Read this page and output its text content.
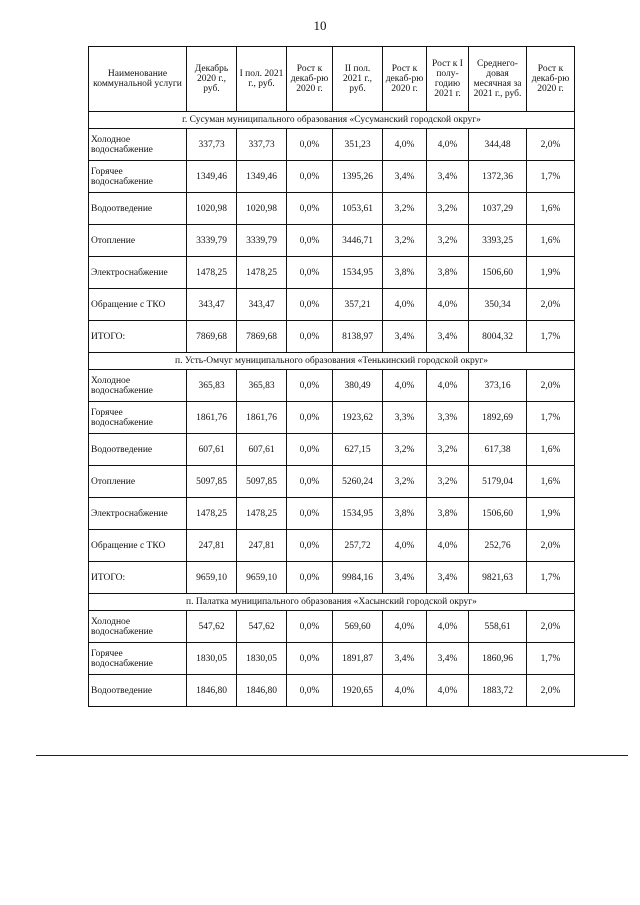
10
Наименование коммунальной услуги	Декабрь 2020 г., руб.	I пол. 2021 г., руб.	Рост к декаб-рю 2020 г.	II пол. 2021 г., руб.	Рост к декаб-рю 2020 г.	Рост к I полу-годию 2021 г.	Среднего-довая месячная за 2021 г., руб.	Рост к декаб-рю 2020 г.
г. Сусуман муниципального образования «Сусуманский городской округ»								
Холодное водоснабжение	337,73	337,73	0,0%	351,23	4,0%	4,0%	344,48	2,0%
Горячее водоснабжение	1349,46	1349,46	0,0%	1395,26	3,4%	3,4%	1372,36	1,7%
Водоотведение	1020,98	1020,98	0,0%	1053,61	3,2%	3,2%	1037,29	1,6%
Отопление	3339,79	3339,79	0,0%	3446,71	3,2%	3,2%	3393,25	1,6%
Электроснабжение	1478,25	1478,25	0,0%	1534,95	3,8%	3,8%	1506,60	1,9%
Обращение с ТКО	343,47	343,47	0,0%	357,21	4,0%	4,0%	350,34	2,0%
ИТОГО:	7869,68	7869,68	0,0%	8138,97	3,4%	3,4%	8004,32	1,7%
п. Усть-Омчуг муниципального образования «Тенькинский городской округ»								
Холодное водоснабжение	365,83	365,83	0,0%	380,49	4,0%	4,0%	373,16	2,0%
Горячее водоснабжение	1861,76	1861,76	0,0%	1923,62	3,3%	3,3%	1892,69	1,7%
Водоотведение	607,61	607,61	0,0%	627,15	3,2%	3,2%	617,38	1,6%
Отопление	5097,85	5097,85	0,0%	5260,24	3,2%	3,2%	5179,04	1,6%
Электроснабжение	1478,25	1478,25	0,0%	1534,95	3,8%	3,8%	1506,60	1,9%
Обращение с ТКО	247,81	247,81	0,0%	257,72	4,0%	4,0%	252,76	2,0%
ИТОГО:	9659,10	9659,10	0,0%	9984,16	3,4%	3,4%	9821,63	1,7%
п. Палатка муниципального образования «Хасынский городской округ»								
Холодное водоснабжение	547,62	547,62	0,0%	569,60	4,0%	4,0%	558,61	2,0%
Горячее водоснабжение	1830,05	1830,05	0,0%	1891,87	3,4%	3,4%	1860,96	1,7%
Водоотведение	1846,80	1846,80	0,0%	1920,65	4,0%	4,0%	1883,72	2,0%
